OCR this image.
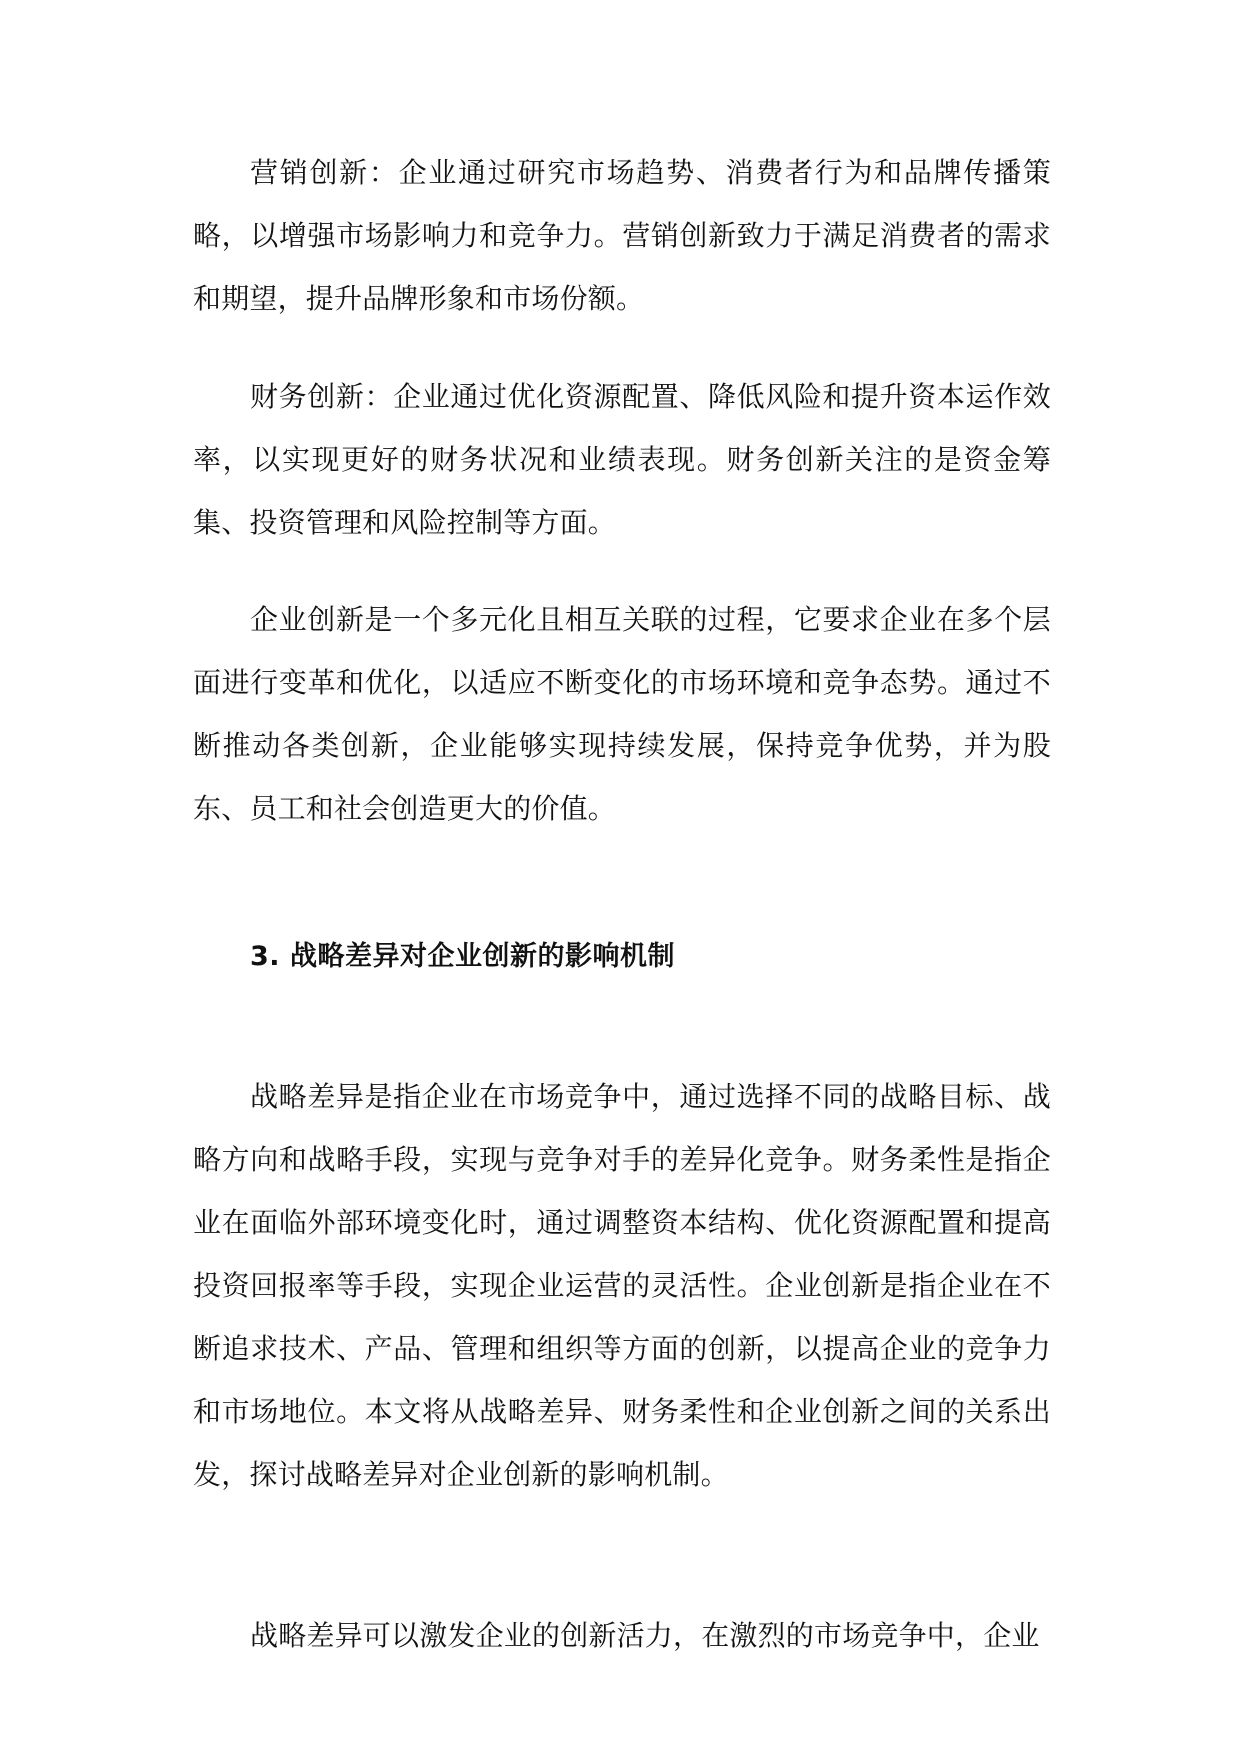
营销创新：企业通过研究市场趋势、消费者行为和品牌传播策略，以增强市场影响力和竞争力。营销创新致力于满足消费者的需求和期望，提升品牌形象和市场份额。

财务创新：企业通过优化资源配置、降低风险和提升资本运作效率，以实现更好的财务状况和业绩表现。财务创新关注的是资金筹集、投资管理和风险控制等方面。

企业创新是一个多元化且相互关联的过程，它要求企业在多个层面进行变革和优化，以适应不断变化的市场环境和竞争态势。通过不断推动各类创新，企业能够实现持续发展，保持竞争优势，并为股东、员工和社会创造更大的价值。

3. 战略差异对企业创新的影响机制

战略差异是指企业在市场竞争中，通过选择不同的战略目标、战略方向和战略手段，实现与竞争对手的差异化竞争。财务柔性是指企业在面临外部环境变化时，通过调整资本结构、优化资源配置和提高投资回报率等手段，实现企业运营的灵活性。企业创新是指企业在不断追求技术、产品、管理和组织等方面的创新，以提高企业的竞争力和市场地位。本文将从战略差异、财务柔性和企业创新之间的关系出发，探讨战略差异对企业创新的影响机制。

战略差异可以激发企业的创新活力，在激烈的市场竞争中，企业
